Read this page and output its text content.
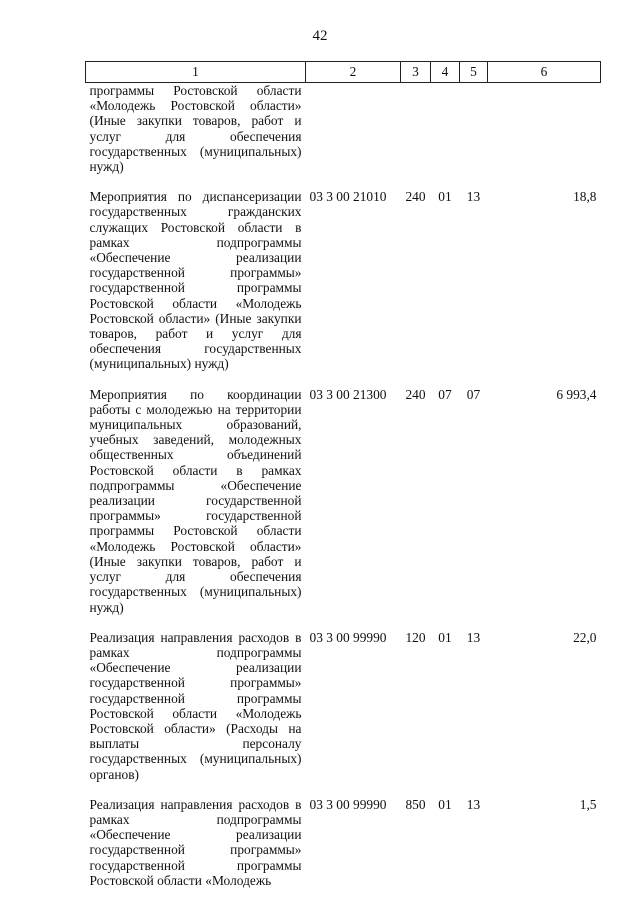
42
1	2	3	4	5	6
программы Ростовской области «Молодежь Ростовской области» (Иные закупки товаров, работ и услуг для обеспечения государственных (муниципальных) нужд)					
Мероприятия по диспансеризации государственных гражданских служащих Ростовской области в рамках подпрограммы «Обеспечение реализации государственной программы» государственной программы Ростовской области «Молодежь Ростовской области» (Иные закупки товаров, работ и услуг для обеспечения государственных (муниципальных) нужд)	03 3 00 21010	240	01	13	18,8
Мероприятия по координации работы с молодежью на территории муниципальных образований, учебных заведений, молодежных общественных объединений Ростовской области в рамках подпрограммы «Обеспечение реализации государственной программы» государственной программы Ростовской области «Молодежь Ростовской области» (Иные закупки товаров, работ и услуг для обеспечения государственных (муниципальных) нужд)	03 3 00 21300	240	07	07	6 993,4
Реализация направления расходов в рамках подпрограммы «Обеспечение реализации государственной программы» государственной программы Ростовской области «Молодежь Ростовской области» (Расходы на выплаты персоналу государственных (муниципальных) органов)	03 3 00 99990	120	01	13	22,0
Реализация направления расходов в рамках подпрограммы «Обеспечение реализации государственной программы» государственной программы Ростовской области «Молодежь	03 3 00 99990	850	01	13	1,5
